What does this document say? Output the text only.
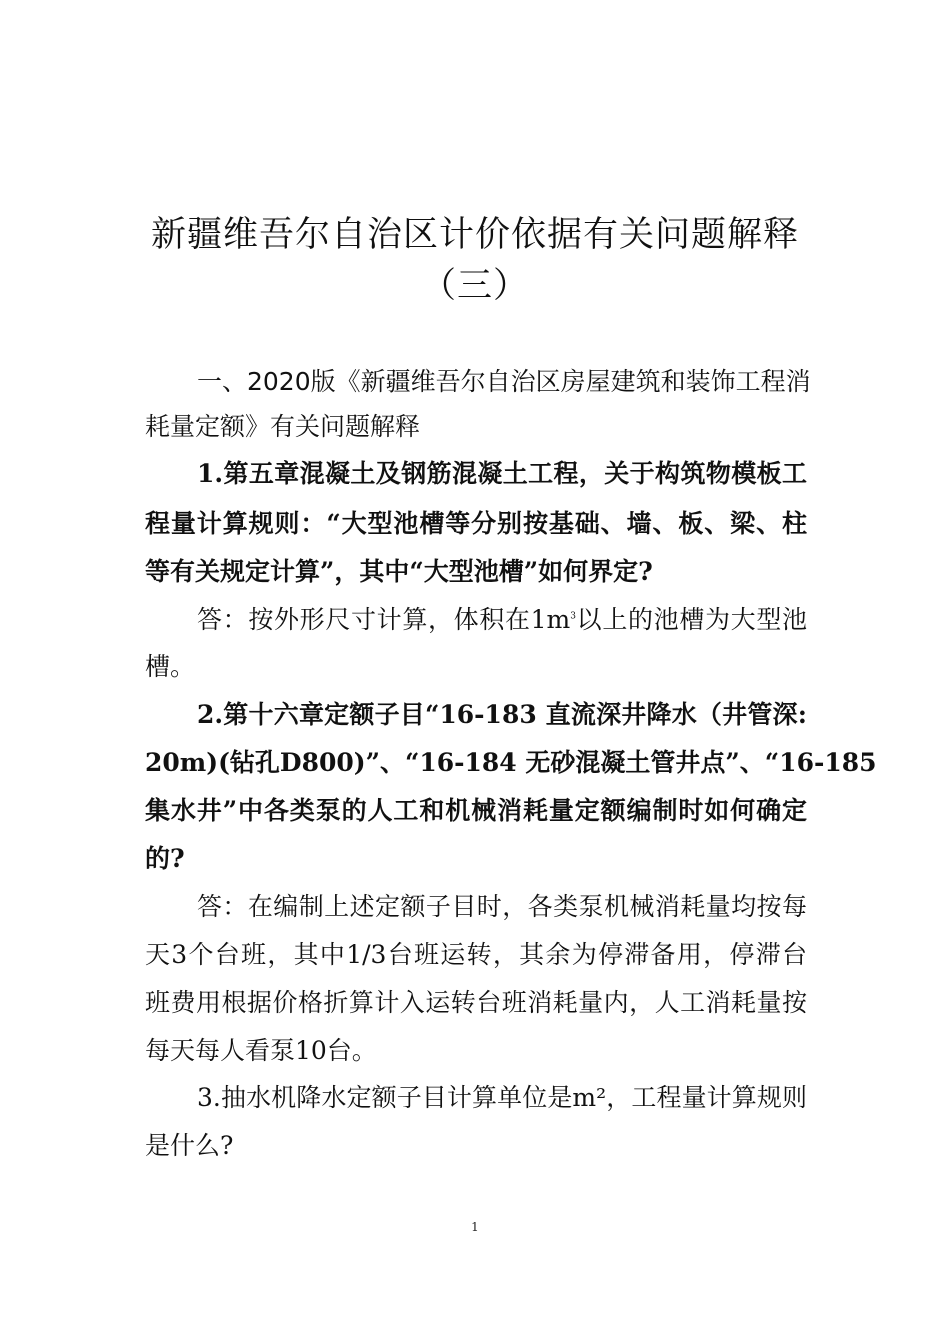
新疆维吾尔自治区计价依据有关问题解释
（三）
一、2020版《新疆维吾尔自治区房屋建筑和装饰工程消
耗量定额》有关问题解释
1.第五章混凝土及钢筋混凝土工程，关于构筑物模板工
程量计算规则：“大型池槽等分别按基础、墙、板、梁、柱
等有关规定计算”，其中“大型池槽”如何界定?
答：按外形尺寸计算，体积在$1m^3$以上的池槽为大型池
槽。
2.第十六章定额子目“16-183 直流深井降水（井管深:
20m)(钻孔D800)”、“16-184 无砂混凝土管井点”、“16-185
集水井”中各类泵的人工和机械消耗量定额编制时如何确定
的?
答：在编制上述定额子目时，各类泵机械消耗量均按每
天3个台班，其中1/3台班运转，其余为停滞备用，停滞台
班费用根据价格折算计入运转台班消耗量内，人工消耗量按
每天每人看泵10台。
3.抽水机降水定额子目计算单位是m²，工程量计算规则
是什么?
1
